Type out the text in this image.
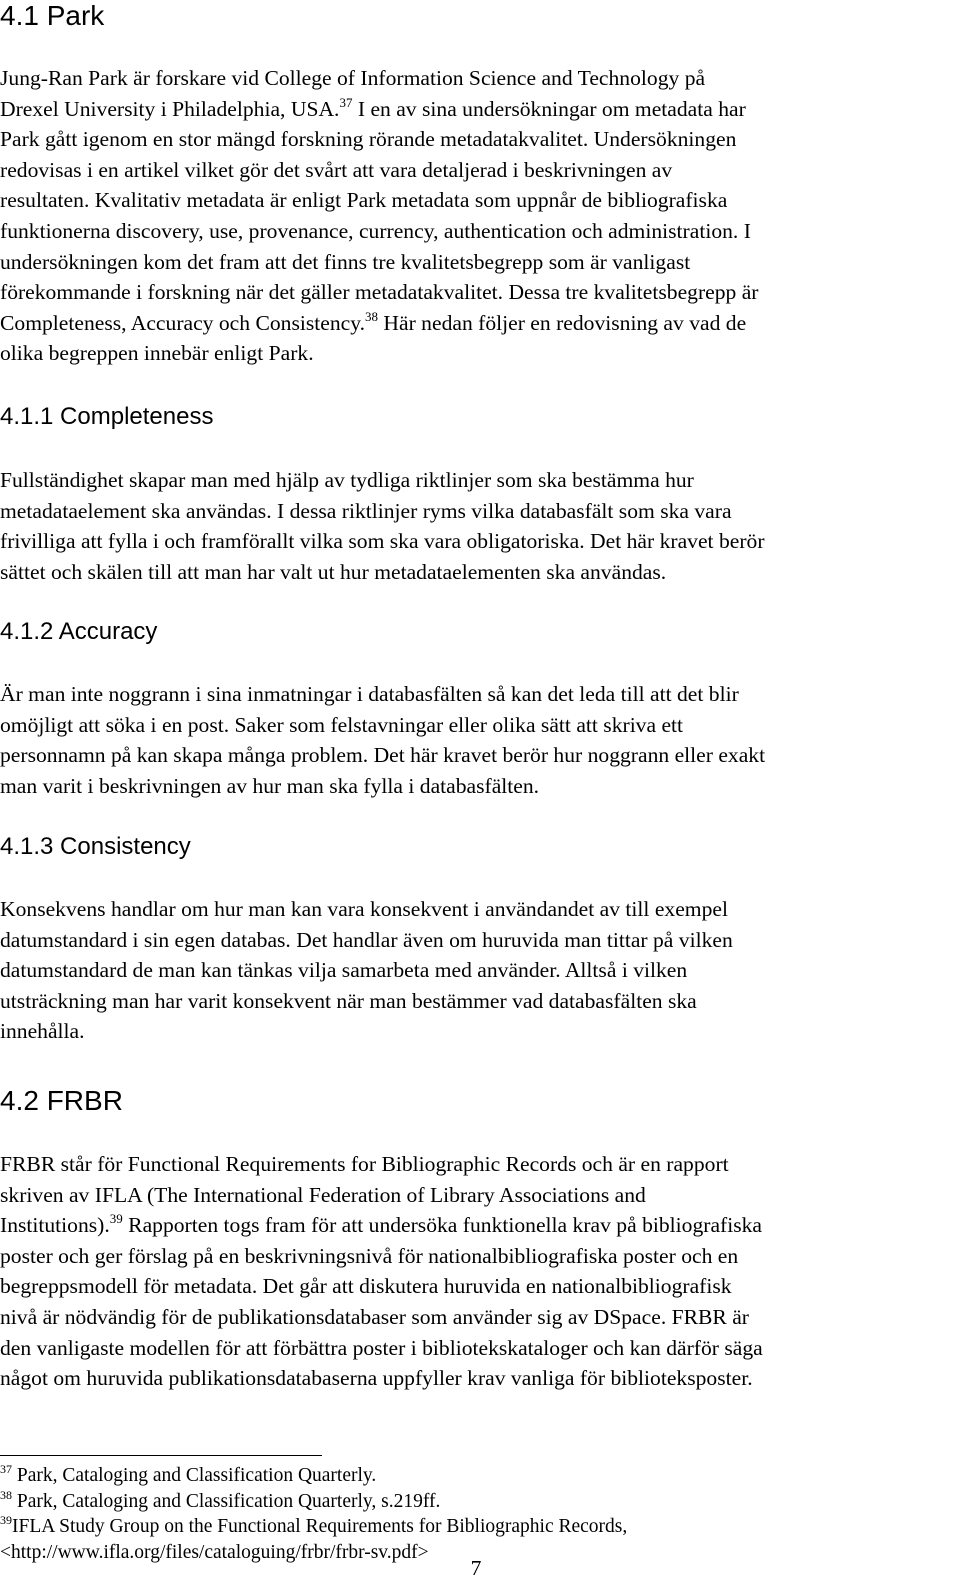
4.1 Park

Jung-Ran Park är forskare vid College of Information Science and Technology på

Drexel University i Philadelphia, USA.$^{37}$ I en av sina undersökningar om metadata har

Park gått igenom en stor mängd forskning rörande metadatakvalitet. Undersökningen

redovisas i en artikel vilket gör det svårt att vara detaljerad i beskrivningen av

resultaten. Kvalitativ metadata är enligt Park metadata som uppnår de bibliografiska

funktionerna discovery, use, provenance, currency, authentication och administration. I

undersökningen kom det fram att det finns tre kvalitetsbegrepp som är vanligast

förekommande i forskning när det gäller metadatakvalitet. Dessa tre kvalitetsbegrepp är

Completeness, Accuracy och Consistency.$^{38}$ Här nedan följer en redovisning av vad de

olika begreppen innebär enligt Park.

4.1.1 Completeness

Fullständighet skapar man med hjälp av tydliga riktlinjer som ska bestämma hur

metadataelement ska användas. I dessa riktlinjer ryms vilka databasfält som ska vara

frivilliga att fylla i och framförallt vilka som ska vara obligatoriska. Det här kravet berör

sättet och skälen till att man har valt ut hur metadataelementen ska användas.

4.1.2 Accuracy

Är man inte noggrann i sina inmatningar i databasfälten så kan det leda till att det blir

omöjligt att söka i en post. Saker som felstavningar eller olika sätt att skriva ett

personnamn på kan skapa många problem. Det här kravet berör hur noggrann eller exakt

man varit i beskrivningen av hur man ska fylla i databasfälten.

4.1.3 Consistency

Konsekvens handlar om hur man kan vara konsekvent i användandet av till exempel

datumstandard i sin egen databas. Det handlar även om huruvida man tittar på vilken

datumstandard de man kan tänkas vilja samarbeta med använder. Alltså i vilken

utsträckning man har varit konsekvent när man bestämmer vad databasfälten ska

innehålla.

4.2 FRBR

FRBR står för Functional Requirements for Bibliographic Records och är en rapport

skriven av IFLA (The International Federation of Library Associations and

Institutions).$^{39}$ Rapporten togs fram för att undersöka funktionella krav på bibliografiska

poster och ger förslag på en beskrivningsnivå för nationalbibliografiska poster och en

begreppsmodell för metadata. Det går att diskutera huruvida en nationalbibliografisk

nivå är nödvändig för de publikationsdatabaser som använder sig av DSpace. FRBR är

den vanligaste modellen för att förbättra poster i bibliotekskataloger och kan därför säga

något om huruvida publikationsdatabaserna uppfyller krav vanliga för biblioteksposter.

$^{37}$ Park, Cataloging and Classification Quarterly.

$^{38}$ Park, Cataloging and Classification Quarterly, s.219ff.

$^{39}$IFLA Study Group on the Functional Requirements for Bibliographic Records,

<http://www.ifla.org/files/cataloguing/frbr/frbr-sv.pdf>

7
